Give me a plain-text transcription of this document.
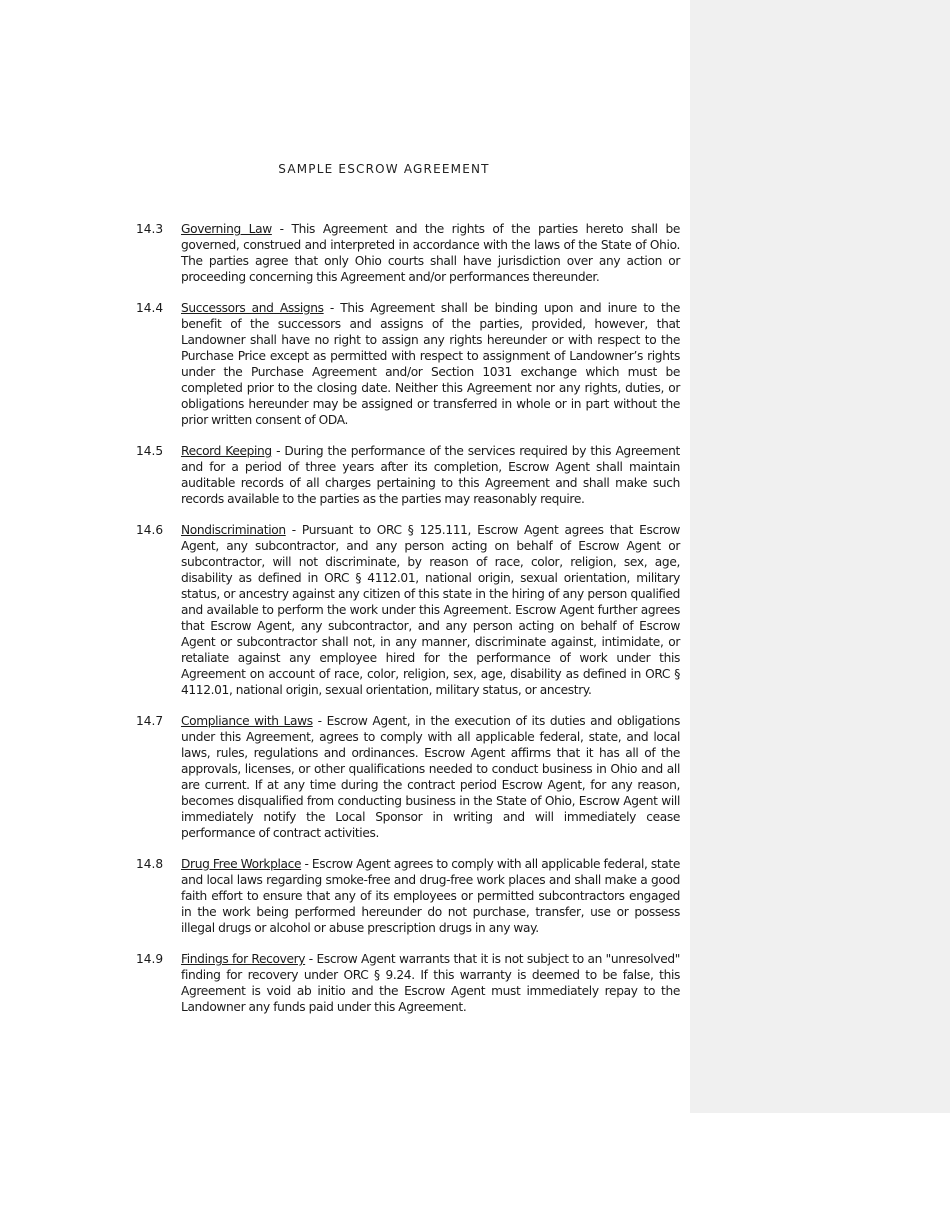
SAMPLE ESCROW AGREEMENT
14.3 Governing Law - This Agreement and the rights of the parties hereto shall be governed, construed and interpreted in accordance with the laws of the State of Ohio. The parties agree that only Ohio courts shall have jurisdiction over any action or proceeding concerning this Agreement and/or performances thereunder.
14.4 Successors and Assigns - This Agreement shall be binding upon and inure to the benefit of the successors and assigns of the parties, provided, however, that Landowner shall have no right to assign any rights hereunder or with respect to the Purchase Price except as permitted with respect to assignment of Landowner’s rights under the Purchase Agreement and/or Section 1031 exchange which must be completed prior to the closing date. Neither this Agreement nor any rights, duties, or obligations hereunder may be assigned or transferred in whole or in part without the prior written consent of ODA.
14.5 Record Keeping - During the performance of the services required by this Agreement and for a period of three years after its completion, Escrow Agent shall maintain auditable records of all charges pertaining to this Agreement and shall make such records available to the parties as the parties may reasonably require.
14.6 Nondiscrimination - Pursuant to ORC § 125.111, Escrow Agent agrees that Escrow Agent, any subcontractor, and any person acting on behalf of Escrow Agent or subcontractor, will not discriminate, by reason of race, color, religion, sex, age, disability as defined in ORC § 4112.01, national origin, sexual orientation, military status, or ancestry against any citizen of this state in the hiring of any person qualified and available to perform the work under this Agreement. Escrow Agent further agrees that Escrow Agent, any subcontractor, and any person acting on behalf of Escrow Agent or subcontractor shall not, in any manner, discriminate against, intimidate, or retaliate against any employee hired for the performance of work under this Agreement on account of race, color, religion, sex, age, disability as defined in ORC § 4112.01, national origin, sexual orientation, military status, or ancestry.
14.7 Compliance with Laws - Escrow Agent, in the execution of its duties and obligations under this Agreement, agrees to comply with all applicable federal, state, and local laws, rules, regulations and ordinances. Escrow Agent affirms that it has all of the approvals, licenses, or other qualifications needed to conduct business in Ohio and all are current. If at any time during the contract period Escrow Agent, for any reason, becomes disqualified from conducting business in the State of Ohio, Escrow Agent will immediately notify the Local Sponsor in writing and will immediately cease performance of contract activities.
14.8 Drug Free Workplace - Escrow Agent agrees to comply with all applicable federal, state and local laws regarding smoke-free and drug-free work places and shall make a good faith effort to ensure that any of its employees or permitted subcontractors engaged in the work being performed hereunder do not purchase, transfer, use or possess illegal drugs or alcohol or abuse prescription drugs in any way.
14.9 Findings for Recovery - Escrow Agent warrants that it is not subject to an "unresolved" finding for recovery under ORC § 9.24. If this warranty is deemed to be false, this Agreement is void ab initio and the Escrow Agent must immediately repay to the Landowner any funds paid under this Agreement.
